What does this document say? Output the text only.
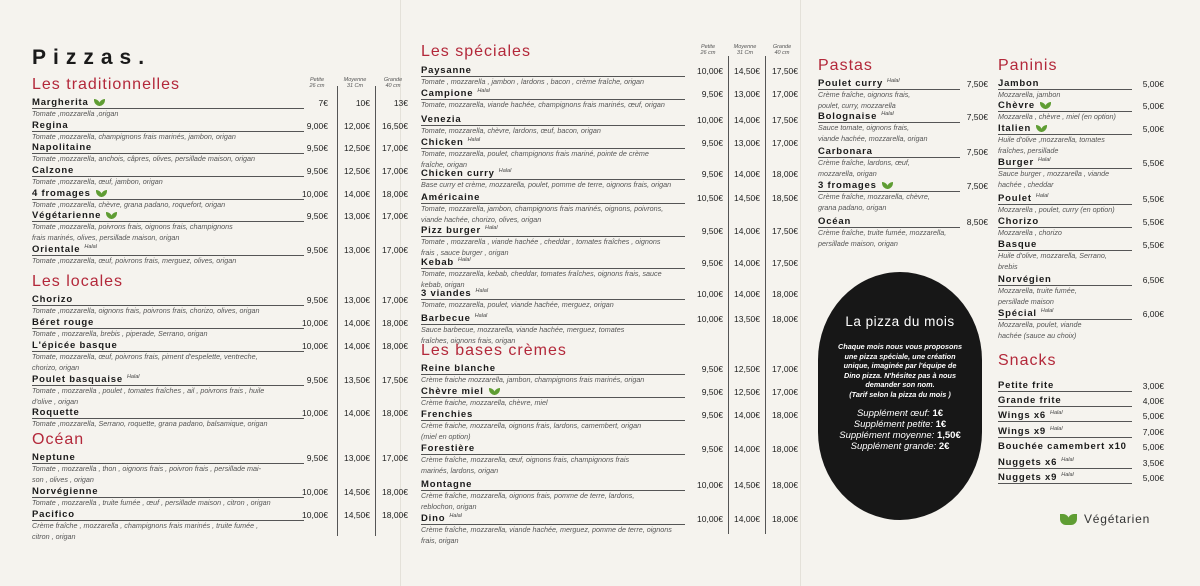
Pizzas.
La pizza du mois
Chaque mois nous vous proposons
une pizza spéciale, une création
unique, imaginée par l'équipe de
Dino pizza. N'hésitez pas à nous
demander son nom.
(Tarif selon la pizza du mois )
Supplément œuf: 1€
Supplément petite: 1€
Supplément moyenne: 1,50€
Supplément grande: 2€
Végétarien
Petite
26 cm
Moyenne
31 Cm
Grande
40 cm
Les traditionnelles
Margherita
Tomate ,mozzarella ,origan
7€	10€	13€
Regina
Tomate ,mozzarella, champignons frais marinés, jambon, origan
9,00€	12,00€	16,50€
Napolitaine
Tomate ,mozzarella, anchois, câpres, olives, persillade maison, origan
9,50€	12,50€	17,00€
Calzone
Tomate ,mozzarella, œuf, jambon, origan
9,50€	12,50€	17,00€
4 fromages
Tomate ,mozzarella, chèvre, grana padano, roquefort, origan
10,00€	14,00€	18,00€
Végétarienne
Tomate ,mozzarella, poivrons frais, oignons frais, champignons
frais marinés, olives, persillade maison, origan
9,50€	13,00€	17,00€
Orientale $^{Halal}$
Tomate ,mozzarella, œuf, poivrons frais, merguez, olives, origan
9,50€	13,00€	17,00€
Les locales
Chorizo
Tomate ,mozzarella, oignons frais, poivrons frais, chorizo, olives, origan
9,50€	13,00€	17,00€
Béret rouge
Tomate , mozzarella, brebis , piperade, Serrano, origan
10,00€	14,00€	18,00€
L'épicée basque
Tomate, mozzarella, œuf, poivrons frais, piment d'espelette, ventreche,
chorizo, origan
10,00€	14,00€	18,00€
Poulet basquaise $^{Halal}$
Tomate , mozzarella , poulet , tomates fraîches , ail , poivrons frais , huile
d'olive , origan
9,50€	13,50€	17,50€
Roquette
Tomate ,mozzarella, Serrano, roquette, grana padano, balsamique, origan
10,00€	14,00€	18,00€
Océan
Neptune
Tomate , mozzarella , thon , oignons frais , poivron frais , persillade mai-
son , olives , origan
9,50€	13,00€	17,00€
Norvégienne
Tomate , mozzarella , truite fumée , œuf , persillade maison , citron , origan
10,00€	14,50€	18,00€
Pacifico
Crème fraîche , mozzarella , champignons frais marinés , truite fumée ,
citron , origan
10,00€	14,50€	18,00€
Petite
26 cm
Moyenne
31 Cm
Grande
40 cm
Les spéciales
Paysanne
Tomate , mozzarella , jambon , lardons , bacon , crème fraîche, origan
10,00€	14,50€	17,50€
Campione $^{Halal}$
Tomate, mozzarella, viande hachée, champignons frais marinés, œuf, origan
9,50€	13,00€	17,00€
Venezia
Tomate, mozzarella, chèvre, lardons, œuf, bacon, origan
10,00€	14,00€	17,50€
Chicken $^{Halal}$
Tomate, mozzarella, poulet, champignons frais mariné, pointe de crème
fraîche, origan
9,50€	13,00€	17,00€
Chicken curry $^{Halal}$
Base curry et crème, mozzarella, poulet, pomme de terre, oignons frais, origan
9,50€	14,00€	18,00€
Américaine
Tomate, mozzarella, jambon, champignons frais marinés, oignons, poivrons,
viande hachée, chorizo, olives, origan
10,50€	14,50€	18,50€
Pizz burger $^{Halal}$
Tomate , mozzarella , viande hachée , cheddar , tomates fraîches , oignons
frais , sauce burger , origan
9,50€	14,00€	17,50€
Kebab $^{Halal}$
Tomate, mozzarella, kebab, cheddar, tomates fraîches, oignons frais, sauce
kebab, origan
9,50€	14,00€	17,50€
3 viandes $^{Halal}$
Tomate, mozzarella, poulet, viande hachée, merguez, origan
10,00€	14,00€	18,00€
Barbecue $^{Halal}$
Sauce barbecue, mozzarella, viande hachée, merguez, tomates
fraîches, oignons frais, origan
10,00€	13,50€	18,00€
Les bases crèmes
Reine blanche
Crème fraiche mozzarella, jambon, champignons frais marinés, origan
9,50€	12,50€	17,00€
Chèvre miel
Crème fraiche, mozzarella, chèvre, miel
9,50€	12,50€	17,00€
Frenchies
Crème fraiche, mozzarella, oignons frais, lardons, camembert, origan
(miel en option)
9,50€	14,00€	18,00€
Forestière
Crème fraîche, mozzarella, œuf, oignons frais, champignons frais
marinés, lardons, origan
9,50€	14,00€	18,00€
Montagne
Crème fraîche, mozzarella, oignons frais, pomme de terre, lardons,
reblochon, origan
10,00€	14,50€	18,00€
Dino $^{Halal}$
Crème fraîche, mozzarella, viande hachée, merguez, pomme de terre, oignons
frais, origan
10,00€	14,00€	18,00€
Pastas
Poulet curry $^{Halal}$
Crème fraîche, oignons frais,
poulet, curry, mozzarella
7,50€
Bolognaise $^{Halal}$
Sauce tomate, oignons frais,
viande hachée, mozzarella, origan
7,50€
Carbonara
Crème fraîche, lardons, œuf,
mozzarella, origan
7,50€
3 fromages
Crème fraîche, mozzarella, chèvre,
grana padano, origan
7,50€
Océan
Crème fraîche, truite fumée, mozzarella,
persillade maison, origan
8,50€
Paninis
Jambon
Mozzarella, jambon
5,00€
Chèvre
Mozzarella , chèvre , miel (en option)
5,00€
Italien
Huile d'olive ,mozzarella, tomates
fraîches, persillade
5,00€
Burger $^{Halal}$
Sauce burger , mozzarella , viande
hachée , cheddar
5,50€
Poulet $^{Halal}$
Mozzarella , poulet, curry (en option)
5,50€
Chorizo
Mozzarella , chorizo
5,50€
Basque
Huile d'olive, mozzarella, Serrano,
brebis
5,50€
Norvégien
Mozzarella, truite fumée,
persillade maison
6,50€
Spécial $^{Halal}$
Mozzarella, poulet, viande
hachée (sauce au choix)
6,00€
Snacks
Petite frite	3,00€
Grande frite	4,00€
Wings x6 $^{Halal}$	5,00€
Wings x9 $^{Halal}$	7,00€
Bouchée camembert x10	5,00€
Nuggets x6 $^{Halal}$	3,50€
Nuggets x9 $^{Halal}$	5,00€
